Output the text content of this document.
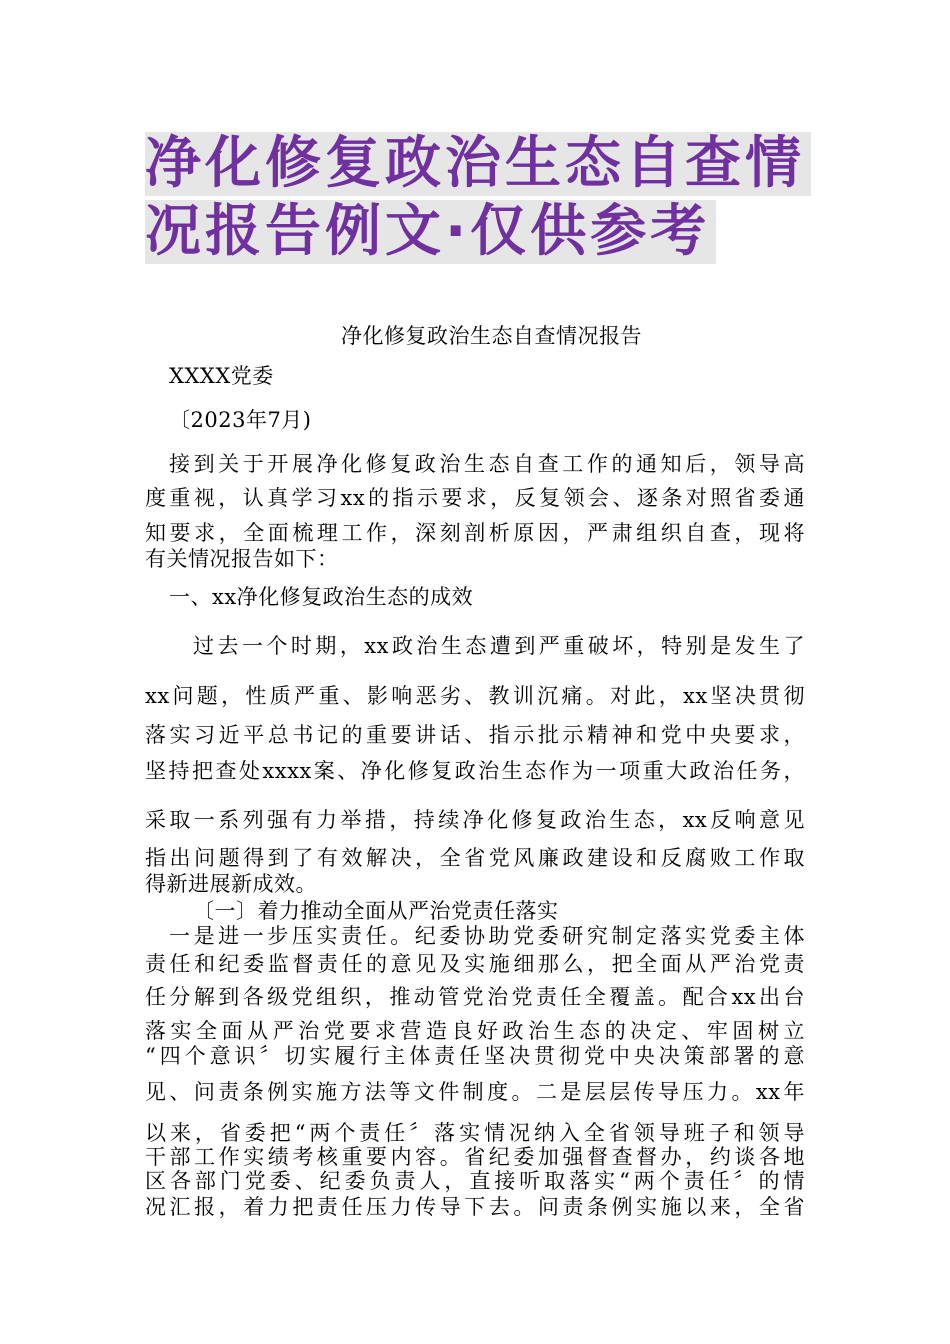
净化修复政治生态自查情
况报告例文·仅供参考
净化修复政治生态自查情况报告
XXXX党委
〔2023年7月)
接到关于开展净化修复政治生态自查工作的通知后，领导高
度重视，认真学习xx的指示要求，反复领会、逐条对照省委通
知要求，全面梳理工作，深刻剖析原因，严肃组织自查，现将
有关情况报告如下：
一、xx净化修复政治生态的成效
过去一个时期，xx政治生态遭到严重破坏，特别是发生了
xx问题，性质严重、影响恶劣、教训沉痛。对此，xx坚决贯彻
落实习近平总书记的重要讲话、指示批示精神和党中央要求，
坚持把查处xxxx案、净化修复政治生态作为一项重大政治任务，
采取一系列强有力举措，持续净化修复政治生态，xx反响意见
指出问题得到了有效解决，全省党风廉政建设和反腐败工作取
得新进展新成效。
〔一〕着力推动全面从严治党责任落实
一是进一步压实责任。纪委协助党委研究制定落实党委主体
责任和纪委监督责任的意见及实施细那么，把全面从严治党责
任分解到各级党组织，推动管党治党责任全覆盖。配合xx出台
落实全面从严治党要求营造良好政治生态的决定、牢固树立
“四个意识〞切实履行主体责任坚决贯彻党中央决策部署的意
见、问责条例实施方法等文件制度。二是层层传导压力。xx年
以来，省委把“两个责任〞落实情况纳入全省领导班子和领导
干部工作实绩考核重要内容。省纪委加强督查督办，约谈各地
区各部门党委、纪委负责人，直接听取落实“两个责任〞的情
况汇报，着力把责任压力传导下去。问责条例实施以来，全省
